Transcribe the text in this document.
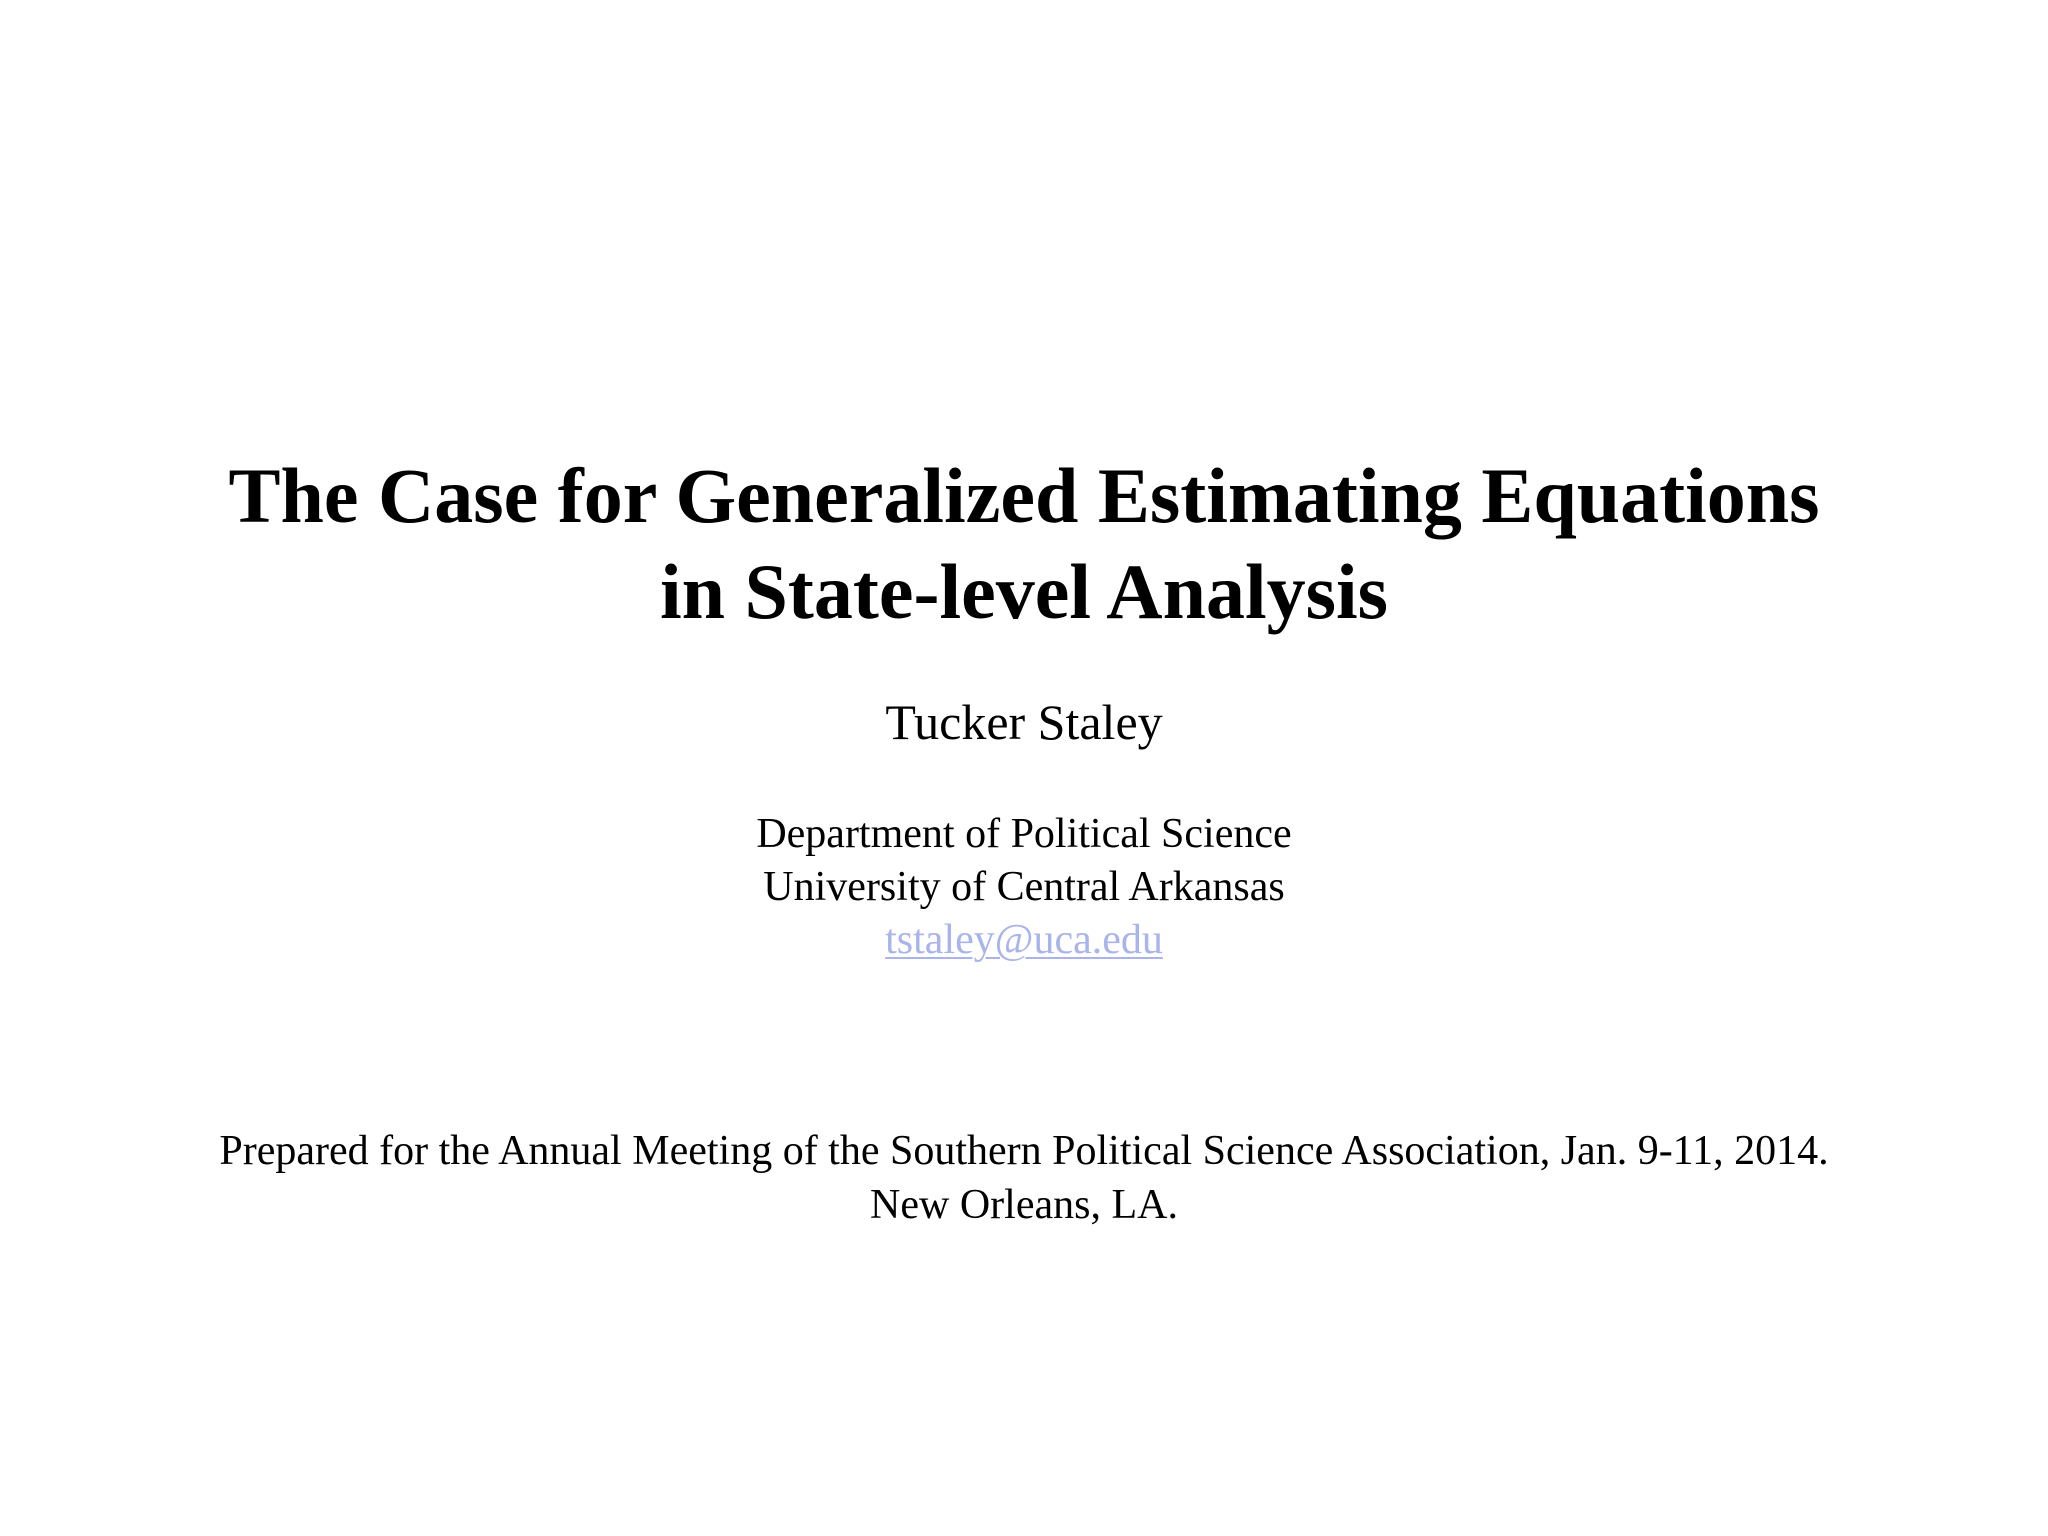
The Case for Generalized Estimating Equations
in State-level Analysis
Tucker Staley
Department of Political Science
University of Central Arkansas
tstaley@uca.edu
Prepared for the Annual Meeting of the Southern Political Science Association, Jan. 9-11, 2014.
New Orleans, LA.
